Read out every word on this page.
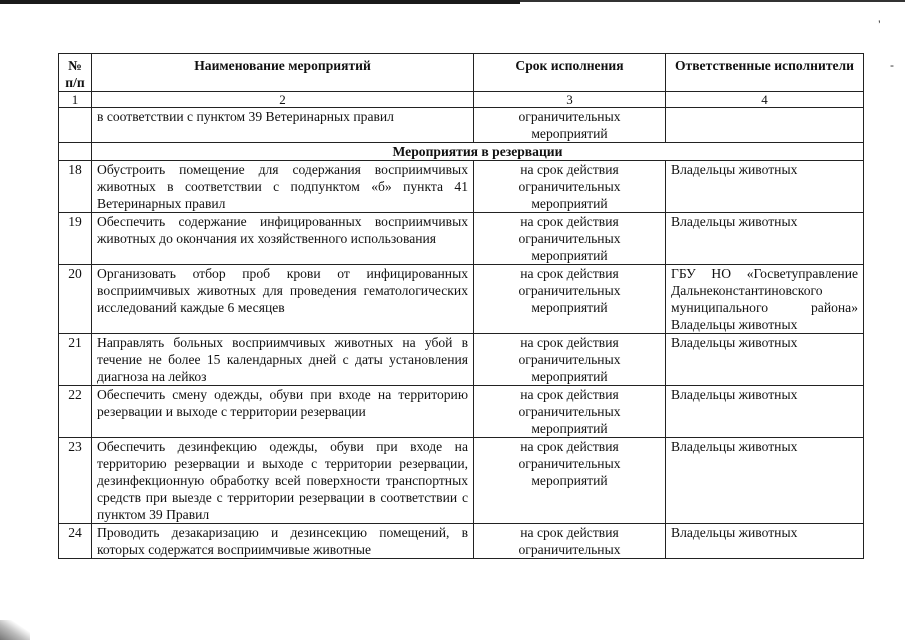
’
-
№ п/п	Наименование мероприятий	Срок исполнения	Ответственные исполнители
1	2	3	4
	в соответствии с пунктом 39 Ветеринарных правил	ограничительных мероприятий	
	Мероприятия в резервации		
18	Обустроить помещение для содержания восприимчивых животных в соответствии с подпунктом «б» пункта 41 Ветеринарных правил	на срок действия ограничительных мероприятий	Владельцы животных
19	Обеспечить содержание инфицированных восприимчивых животных до окончания их хозяйственного использования	на срок действия ограничительных мероприятий	Владельцы животных
20	Организовать отбор проб крови от инфицированных восприимчивых животных для проведения гематологических исследований каждые 6 месяцев	на срок действия ограничительных мероприятий	ГБУ НО «Госветуправление Дальнеконстантиновского муниципального района» Владельцы животных
21	Направлять больных восприимчивых животных на убой в течение не более 15 календарных дней с даты установления диагноза на лейкоз	на срок действия ограничительных мероприятий	Владельцы животных
22	Обеспечить смену одежды, обуви при входе на территорию резервации и выходе с территории резервации	на срок действия ограничительных мероприятий	Владельцы животных
23	Обеспечить дезинфекцию одежды, обуви при входе на территорию резервации и выходе с территории резервации, дезинфекционную обработку всей поверхности транспортных средств при выезде с территории резервации в соответствии с пунктом 39 Правил	на срок действия ограничительных мероприятий	Владельцы животных
24	Проводить дезакаризацию и дезинсекцию помещений, в которых содержатся восприимчивые животные	на срок действия ограничительных	Владельцы животных
